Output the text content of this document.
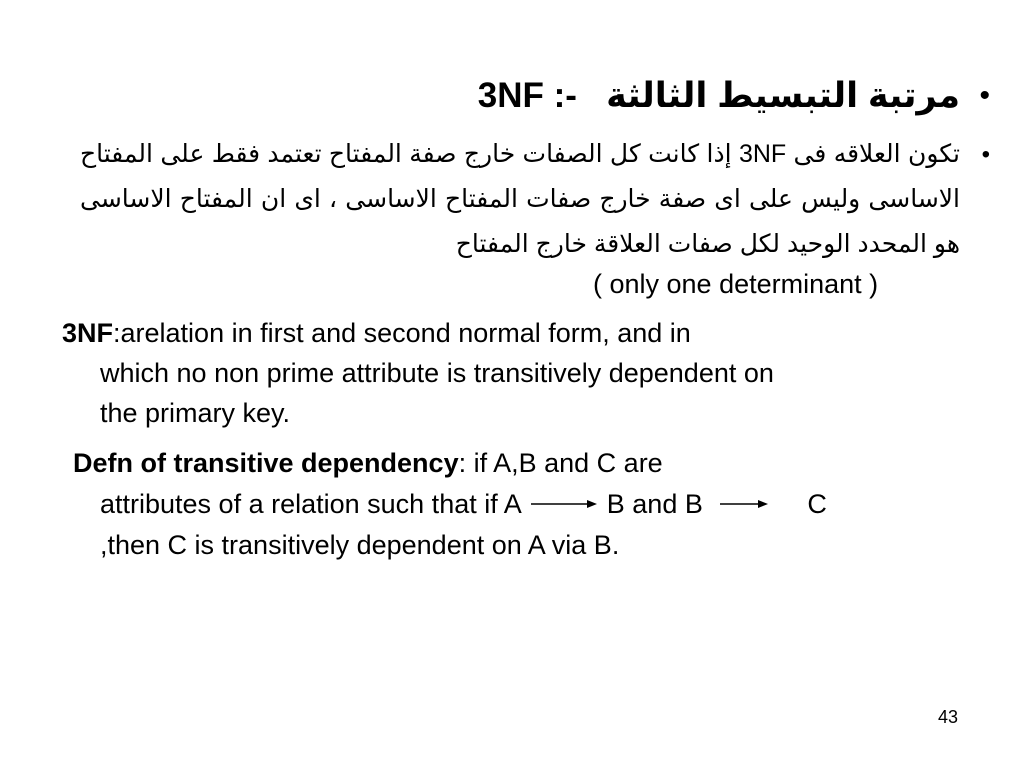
•
مرتبة التبسيط الثالثة   3NF :-
•
تكون العلاقه فى 3NF إذا كانت كل الصفات خارج صفة المفتاح تعتمد فقط على المفتاح الاساسى وليس على اى صفة خارج صفات المفتاح الاساسى ، اى ان المفتاح الاساسى هو المحدد الوحيد لكل صفات العلاقة خارج المفتاح
( only one determinant )
3NF:arelation in first and second normal form, and in
which no non prime attribute is transitively dependent on
the primary key.
Defn of transitive dependency: if A,B and C are
attributes of a relation such that if A	B and B	C
,then C is transitively dependent on A via B.
43
